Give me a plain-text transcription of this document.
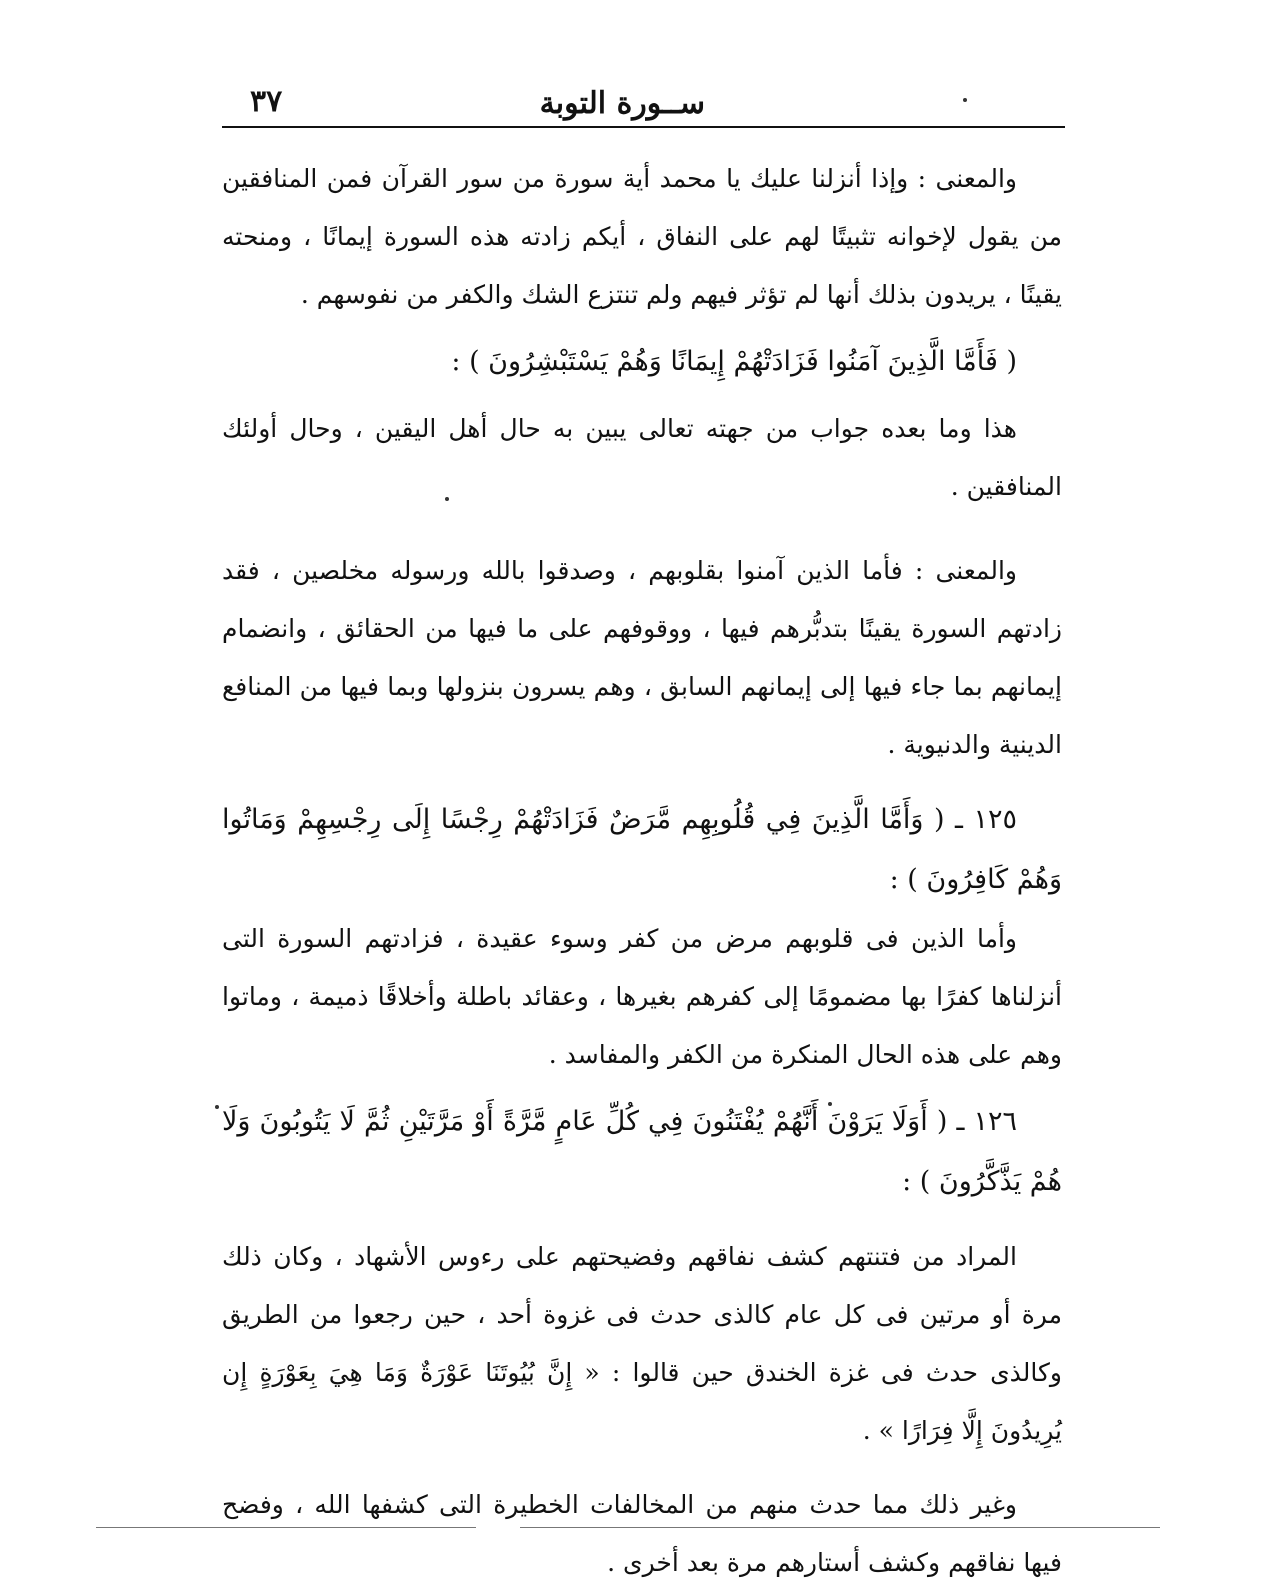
ســورة التوبة
٣٧

والمعنى : وإذا أنزلنا عليك يا محمد أية سورة من سور القرآن فمن المنافقين من يقول لإخوانه تثبيتًا لهم على النفاق ، أيكم زادته هذه السورة إيمانًا ، ومنحته يقينًا ، يريدون بذلك أنها لم تؤثر فيهم ولم تنتزع الشك والكفر من نفوسهم .

( فَأَمَّا الَّذِينَ آمَنُوا فَزَادَتْهُمْ إِيمَانًا وَهُمْ يَسْتَبْشِرُونَ ) :

هذا وما بعده جواب من جهته تعالى يبين به حال أهل اليقين ، وحال أولئك المنافقين .

والمعنى : فأما الذين آمنوا بقلوبهم ، وصدقوا بالله ورسوله مخلصين ، فقد زادتهم السورة يقينًا بتدبُّرهم فيها ، ووقوفهم على ما فيها من الحقائق ، وانضمام إيمانهم بما جاء فيها إلى إيمانهم السابق ، وهم يسرون بنزولها وبما فيها من المنافع الدينية والدنيوية .

١٢٥ ـ ( وَأَمَّا الَّذِينَ فِي قُلُوبِهِم مَّرَضٌ فَزَادَتْهُمْ رِجْسًا إِلَى رِجْسِهِمْ وَمَاتُوا وَهُمْ كَافِرُونَ ) :

وأما الذين فى قلوبهم مرض من كفر وسوء عقيدة ، فزادتهم السورة التى أنزلناها كفرًا بها مضمومًا إلى كفرهم بغيرها ، وعقائد باطلة وأخلاقًا ذميمة ، وماتوا وهم على هذه الحال المنكرة من الكفر والمفاسد .

١٢٦ ـ ( أَوَلَا يَرَوْنَ أَنَّهُمْ يُفْتَنُونَ فِي كُلِّ عَامٍ مَّرَّةً أَوْ مَرَّتَيْنِ ثُمَّ لَا يَتُوبُونَ وَلَا هُمْ يَذَّكَّرُونَ ) :

المراد من فتنتهم كشف نفاقهم وفضيحتهم على رءوس الأشهاد ، وكان ذلك مرة أو مرتين فى كل عام كالذى حدث فى غزوة أحد ، حين رجعوا من الطريق وكالذى حدث فى غزة الخندق حين قالوا : « إِنَّ بُيُوتَنَا عَوْرَةٌ وَمَا هِيَ بِعَوْرَةٍ إِن يُرِيدُونَ إِلَّا فِرَارًا » .

وغير ذلك مما حدث منهم من المخالفات الخطيرة التى كشفها الله ، وفضح فيها نفاقهم وكشف أستارهم مرة بعد أخرى .
